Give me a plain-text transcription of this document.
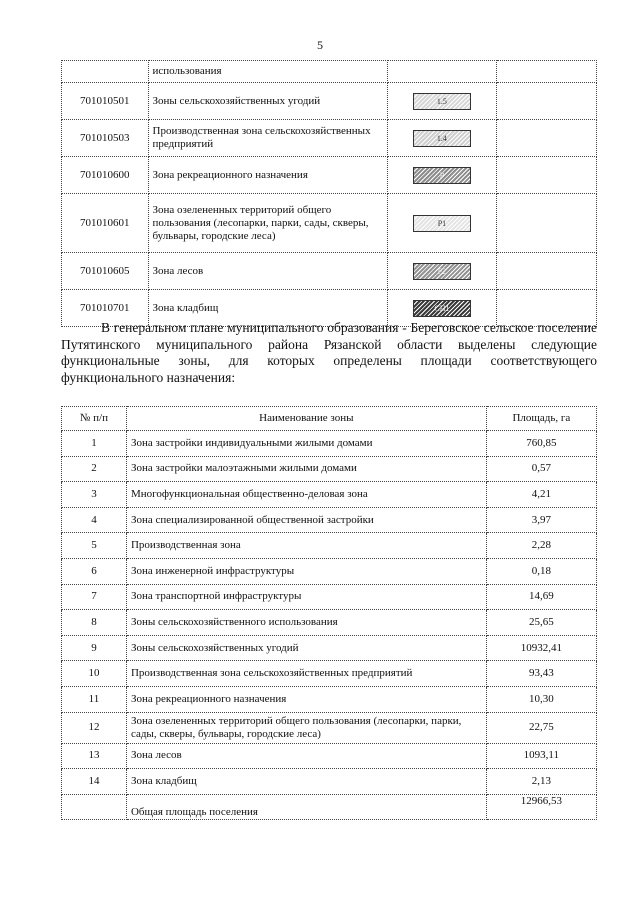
5
	использования		
701010501	Зоны сельскохозяйственных угодий	1.5	
701010503	Производственная зона сельскохозяйственных предприятий	1.4	
701010600	Зона рекреационного назначения	Р	
701010601	Зона озелененных территорий общего пользования (лесопарки, парки, сады, скверы, бульвары, городские леса)	Р1	
701010605	Зона лесов	Р2	
701010701	Зона кладбищ	СН1	
В генеральном плане муниципального образования - Береговское сельское поселение Путятинского муниципального района Рязанской области выделены следующие функциональные зоны, для которых определены площади соответствующего функционального назначения:
№ п/п	Наименование зоны	Площадь, га
1	Зона застройки индивидуальными жилыми домами	760,85
2	Зона застройки малоэтажными жилыми домами	0,57
3	Многофункциональная общественно-деловая зона	4,21
4	Зона специализированной общественной застройки	3,97
5	Производственная зона	2,28
6	Зона инженерной инфраструктуры	0,18
7	Зона транспортной инфраструктуры	14,69
8	Зоны сельскохозяйственного использования	25,65
9	Зоны сельскохозяйственных угодий	10932,41
10	Производственная зона сельскохозяйственных предприятий	93,43
11	Зона рекреационного назначения	10,30
12	Зона озелененных территорий общего пользования (лесопарки, парки, сады, скверы, бульвары, городские леса)	22,75
13	Зона лесов	1093,11
14	Зона кладбищ	2,13
	Общая площадь поселения	12966,53
